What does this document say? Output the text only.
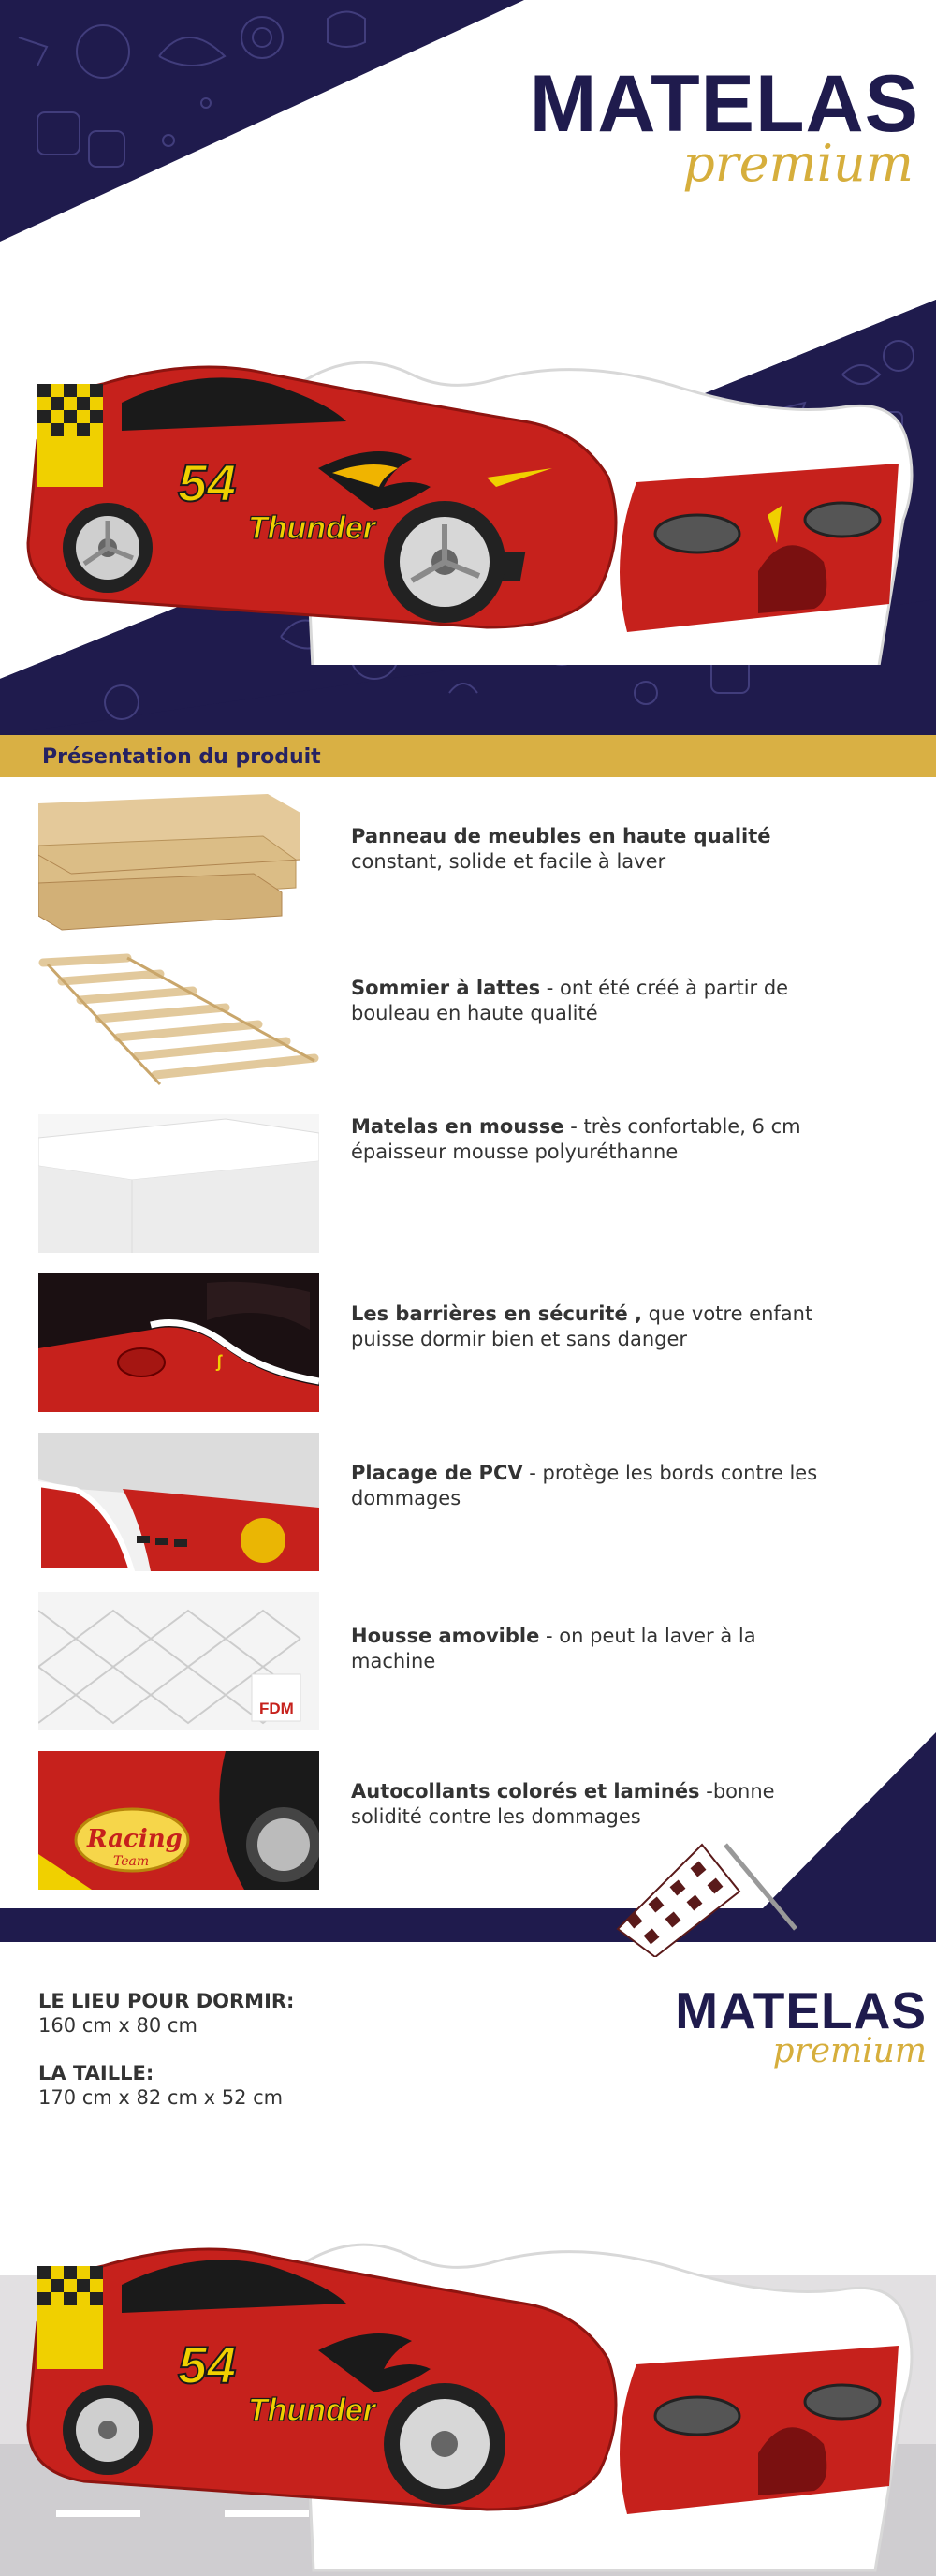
MATELAS
premium
54
Thunder
Présentation du produit
Panneau de meubles en haute qualité
constant, solide et facile à laver
Sommier à lattes - ont été créé à partir de bouleau en haute qualité
Matelas en mousse - très confortable, 6 cm épaisseur mousse polyuréthanne
ʃ
Les barrières en sécurité , que votre enfant puisse dormir bien et sans danger
Placage de PCV - protège les bords contre les dommages
FDM
Housse amovible - on peut la laver à la machine
Racing
Team
Autocollants colorés et laminés -bonne solidité contre les dommages
LE LIEU POUR DORMIR:
160 cm x 80 cm
LA TAILLE:
170 cm x 82 cm x 52 cm
MATELAS
premium
54
Thunder
